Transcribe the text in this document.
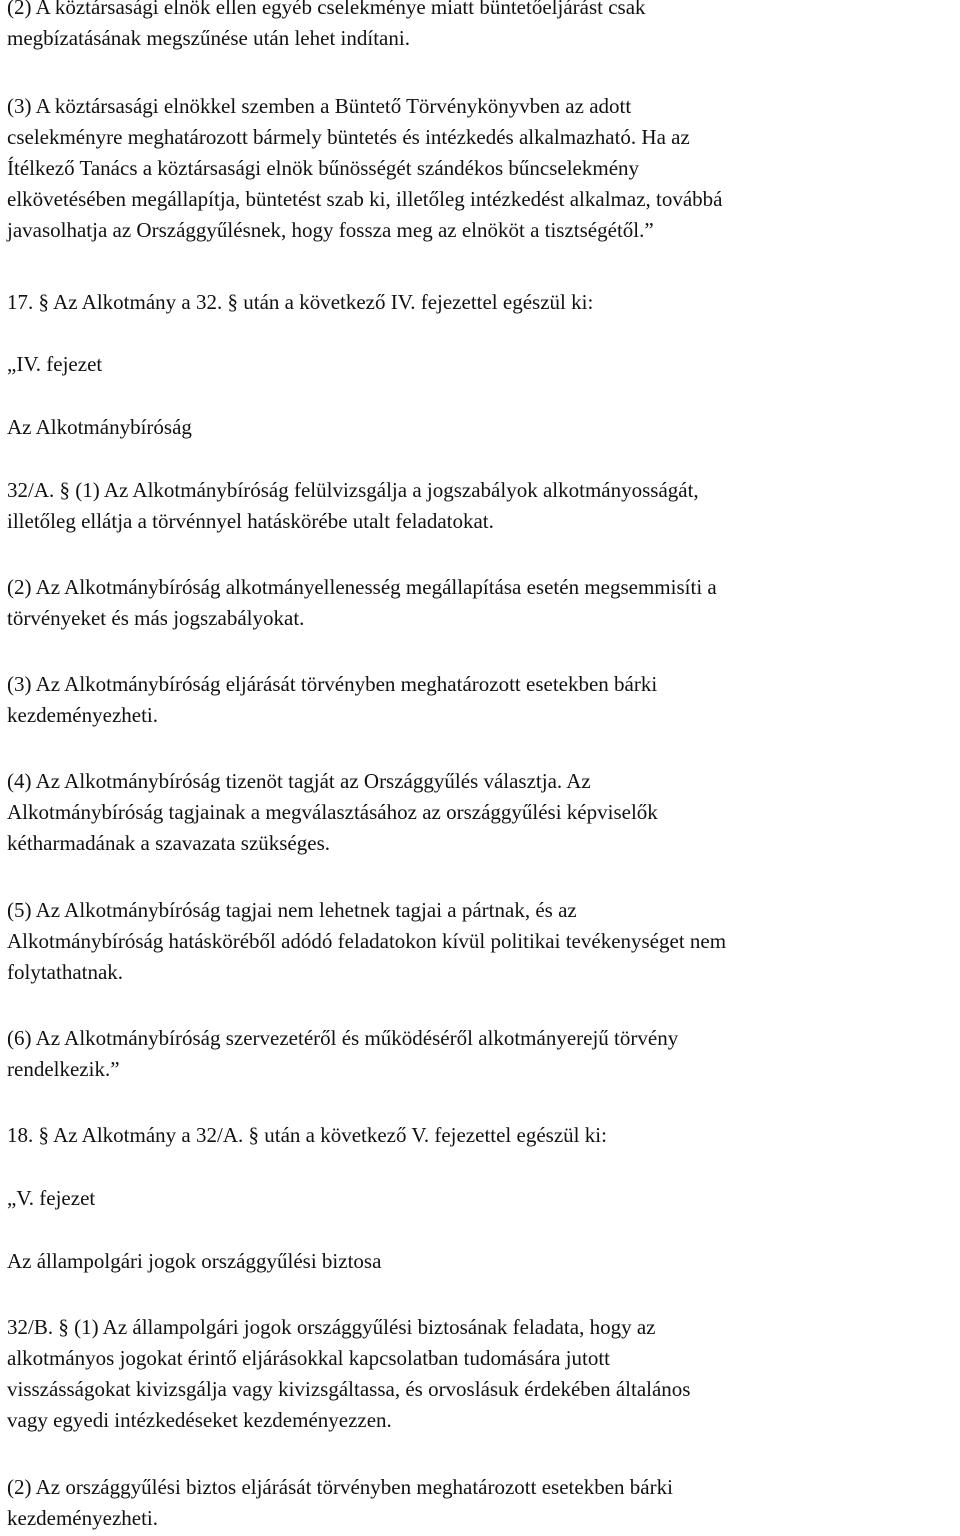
(2) A köztársasági elnök ellen egyéb cselekménye miatt büntetőeljárást csak
megbízatásának megszűnése után lehet indítani.
(3) A köztársasági elnökkel szemben a Büntető Törvénykönyvben az adott
cselekményre meghatározott bármely büntetés és intézkedés alkalmazható. Ha az
Ítélkező Tanács a köztársasági elnök bűnösségét szándékos bűncselekmény
elkövetésében megállapítja, büntetést szab ki, illetőleg intézkedést alkalmaz, továbbá
javasolhatja az Országgyűlésnek, hogy fossza meg az elnököt a tisztségétől.”
17. § Az Alkotmány a 32. § után a következő IV. fejezettel egészül ki:
„IV. fejezet
Az Alkotmánybíróság
32/A. § (1) Az Alkotmánybíróság felülvizsgálja a jogszabályok alkotmányosságát,
illetőleg ellátja a törvénnyel hatáskörébe utalt feladatokat.
(2) Az Alkotmánybíróság alkotmányellenesség megállapítása esetén megsemmisíti a
törvényeket és más jogszabályokat.
(3) Az Alkotmánybíróság eljárását törvényben meghatározott esetekben bárki
kezdeményezheti.
(4) Az Alkotmánybíróság tizenöt tagját az Országgyűlés választja. Az
Alkotmánybíróság tagjainak a megválasztásához az országgyűlési képviselők
kétharmadának a szavazata szükséges.
(5) Az Alkotmánybíróság tagjai nem lehetnek tagjai a pártnak, és az
Alkotmánybíróság hatásköréből adódó feladatokon kívül politikai tevékenységet nem
folytathatnak.
(6) Az Alkotmánybíróság szervezetéről és működéséről alkotmányerejű törvény
rendelkezik.”
18. § Az Alkotmány a 32/A. § után a következő V. fejezettel egészül ki:
„V. fejezet
Az állampolgári jogok országgyűlési biztosa
32/B. § (1) Az állampolgári jogok országgyűlési biztosának feladata, hogy az
alkotmányos jogokat érintő eljárásokkal kapcsolatban tudomására jutott
visszásságokat kivizsgálja vagy kivizsgáltassa, és orvoslásuk érdekében általános
vagy egyedi intézkedéseket kezdeményezzen.
(2) Az országgyűlési biztos eljárását törvényben meghatározott esetekben bárki
kezdeményezheti.
